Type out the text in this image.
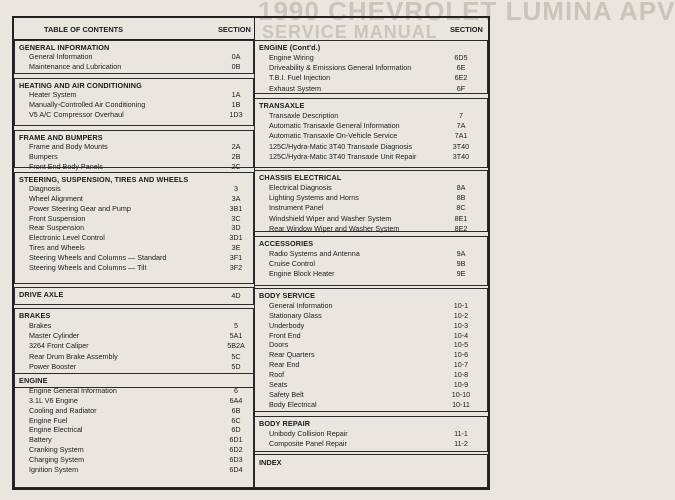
1990 CHEVROLET LUMINA APV
SERVICE MANUAL
TABLE OF CONTENTS	SECTION	SECTION
GENERAL INFORMATION
General Information	0A
Maintenance and Lubrication	0B
HEATING AND AIR CONDITIONING
Heater System	1A
Manually-Controlled Air Conditioning	1B
V5 A/C Compressor Overhaul	1D3
FRAME AND BUMPERS
Frame and Body Mounts	2A
Bumpers	2B
Front End Body Panels	2C
STEERING, SUSPENSION, TIRES AND WHEELS
Diagnosis	3
Wheel Alignment	3A
Power Steering Gear and Pump	3B1
Front Suspension	3C
Rear Suspension	3D
Electronic Level Control	3D1
Tires and Wheels	3E
Steering Wheels and Columns — Standard	3F1
Steering Wheels and Columns — Tilt	3F2
DRIVE AXLE	4D
BRAKES
Brakes	5
Master Cylinder	5A1
3264 Front Caliper	5B2A
Rear Drum Brake Assembly	5C
Power Booster	5D
ENGINE
Engine General Information	6
3.1L V6 Engine	6A4
Cooling and Radiator	6B
Engine Fuel	6C
Engine Electrical	6D
Battery	6D1
Cranking System	6D2
Charging System	6D3
Ignition System	6D4
ENGINE (Cont'd.)
Engine Wiring	6D5
Driveability & Emissions General Information	6E
T.B.I. Fuel Injection	6E2
Exhaust System	6F
TRANSAXLE
Transaxle Description	7
Automatic Transaxle General Information	7A
Automatic Transaxle On-Vehicle Service	7A1
125C/Hydra-Matic 3T40 Transaxle Diagnosis	3T40
125C/Hydra-Matic 3T40 Transaxle Unit Repair	3T40
CHASSIS ELECTRICAL
Electrical Diagnosis	8A
Lighting Systems and Horns	8B
Instrument Panel	8C
Windshield Wiper and Washer System	8E1
Rear Window Wiper and Washer System	8E2
ACCESSORIES
Radio Systems and Antenna	9A
Cruise Control	9B
Engine Block Heater	9E
BODY SERVICE
General Information	10-1
Stationary Glass	10-2
Underbody	10-3
Front End	10-4
Doors	10-5
Rear Quarters	10-6
Rear End	10-7
Roof	10-8
Seats	10-9
Safety Belt	10-10
Body Electrical	10-11
BODY REPAIR
Unibody Collision Repair	11-1
Composite Panel Repair	11-2
INDEX
